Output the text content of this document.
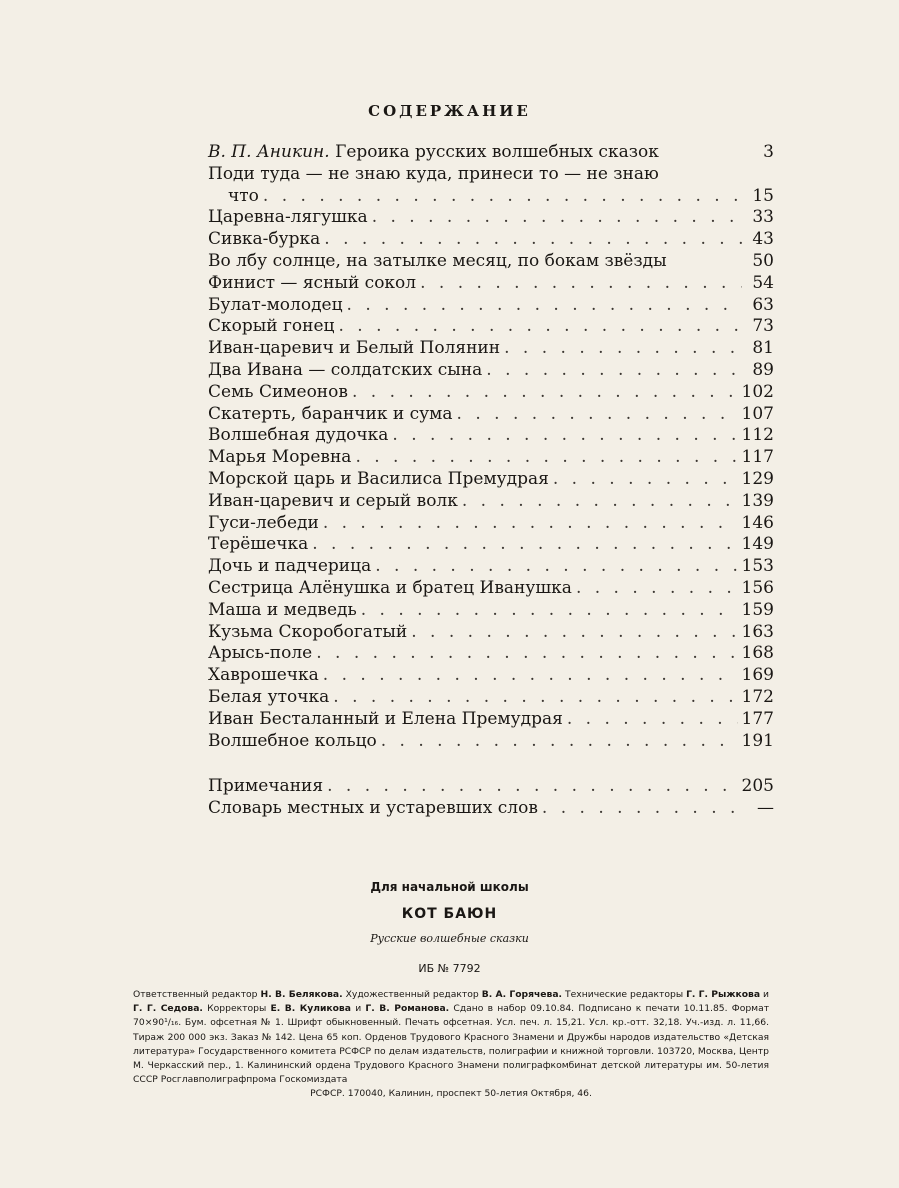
СОДЕРЖАНИЕ
В. П. Аникин. Героика русских волшебных сказок	3
Поди туда — не знаю куда, принеси то — не знаю
что . . .	15
Царевна-лягушка . . .	33
Сивка-бурка . . .	43
Во лбу солнце, на затылке месяц, по бокам звёзды	50
Финист — ясный сокол . . .	54
Булат-молодец . . .	63
Скорый гонец . . .	73
Иван-царевич и Белый Полянин . . .	81
Два Ивана — солдатских сына . . .	89
Семь Симеонов . . .	102
Скатерть, баранчик и сума . . .	107
Волшебная дудочка . . .	112
Марья Моревна . . .	117
Морской царь и Василиса Премудрая . . .	129
Иван-царевич и серый волк . . .	139
Гуси-лебеди . . .	146
Терёшечка . . .	149
Дочь и падчерица . . .	153
Сестрица Алёнушка и братец Иванушка . . .	156
Маша и медведь . . .	159
Кузьма Скоробогатый . . .	163
Арысь-поле . . .	168
Хаврошечка . . .	169
Белая уточка . . .	172
Иван Бесталанный и Елена Премудрая . . .	177
Волшебное кольцо . . .	191
Примечания . . .	205
Словарь местных и устаревших слов . . .	—
Для начальной школы
КОТ БАЮН
Русские волшебные сказки
ИБ № 7792
Ответственный редактор Н. В. Белякова. Художественный редактор В. А. Горячева. Технические редакторы Г. Г. Рыжкова и Г. Г. Седова. Корректоры Е. В. Куликова и Г. В. Романова. Сдано в набор 09.10.84. Подписано к печати 10.11.85. Формат 70×90¹/₁₆. Бум. офсетная № 1. Шрифт обыкновенный. Печать офсетная. Усл. печ. л. 15,21. Усл. кр.-отт. 32,18. Уч.-изд. л. 11,66. Тираж 200 000 экз. Заказ № 142. Цена 65 коп. Орденов Трудового Красного Знамени и Дружбы народов издательство «Детская литература» Государственного комитета РСФСР по делам издательств, полиграфии и книжной торговли. 103720, Москва, Центр М. Черкасский пер., 1. Калининский ордена Трудового Красного Знамени полиграфкомбинат детской литературы им. 50-летия СССР Росглавполиграфпрома Госкомиздата
РСФСР. 170040, Калинин, проспект 50-летия Октября, 46.
